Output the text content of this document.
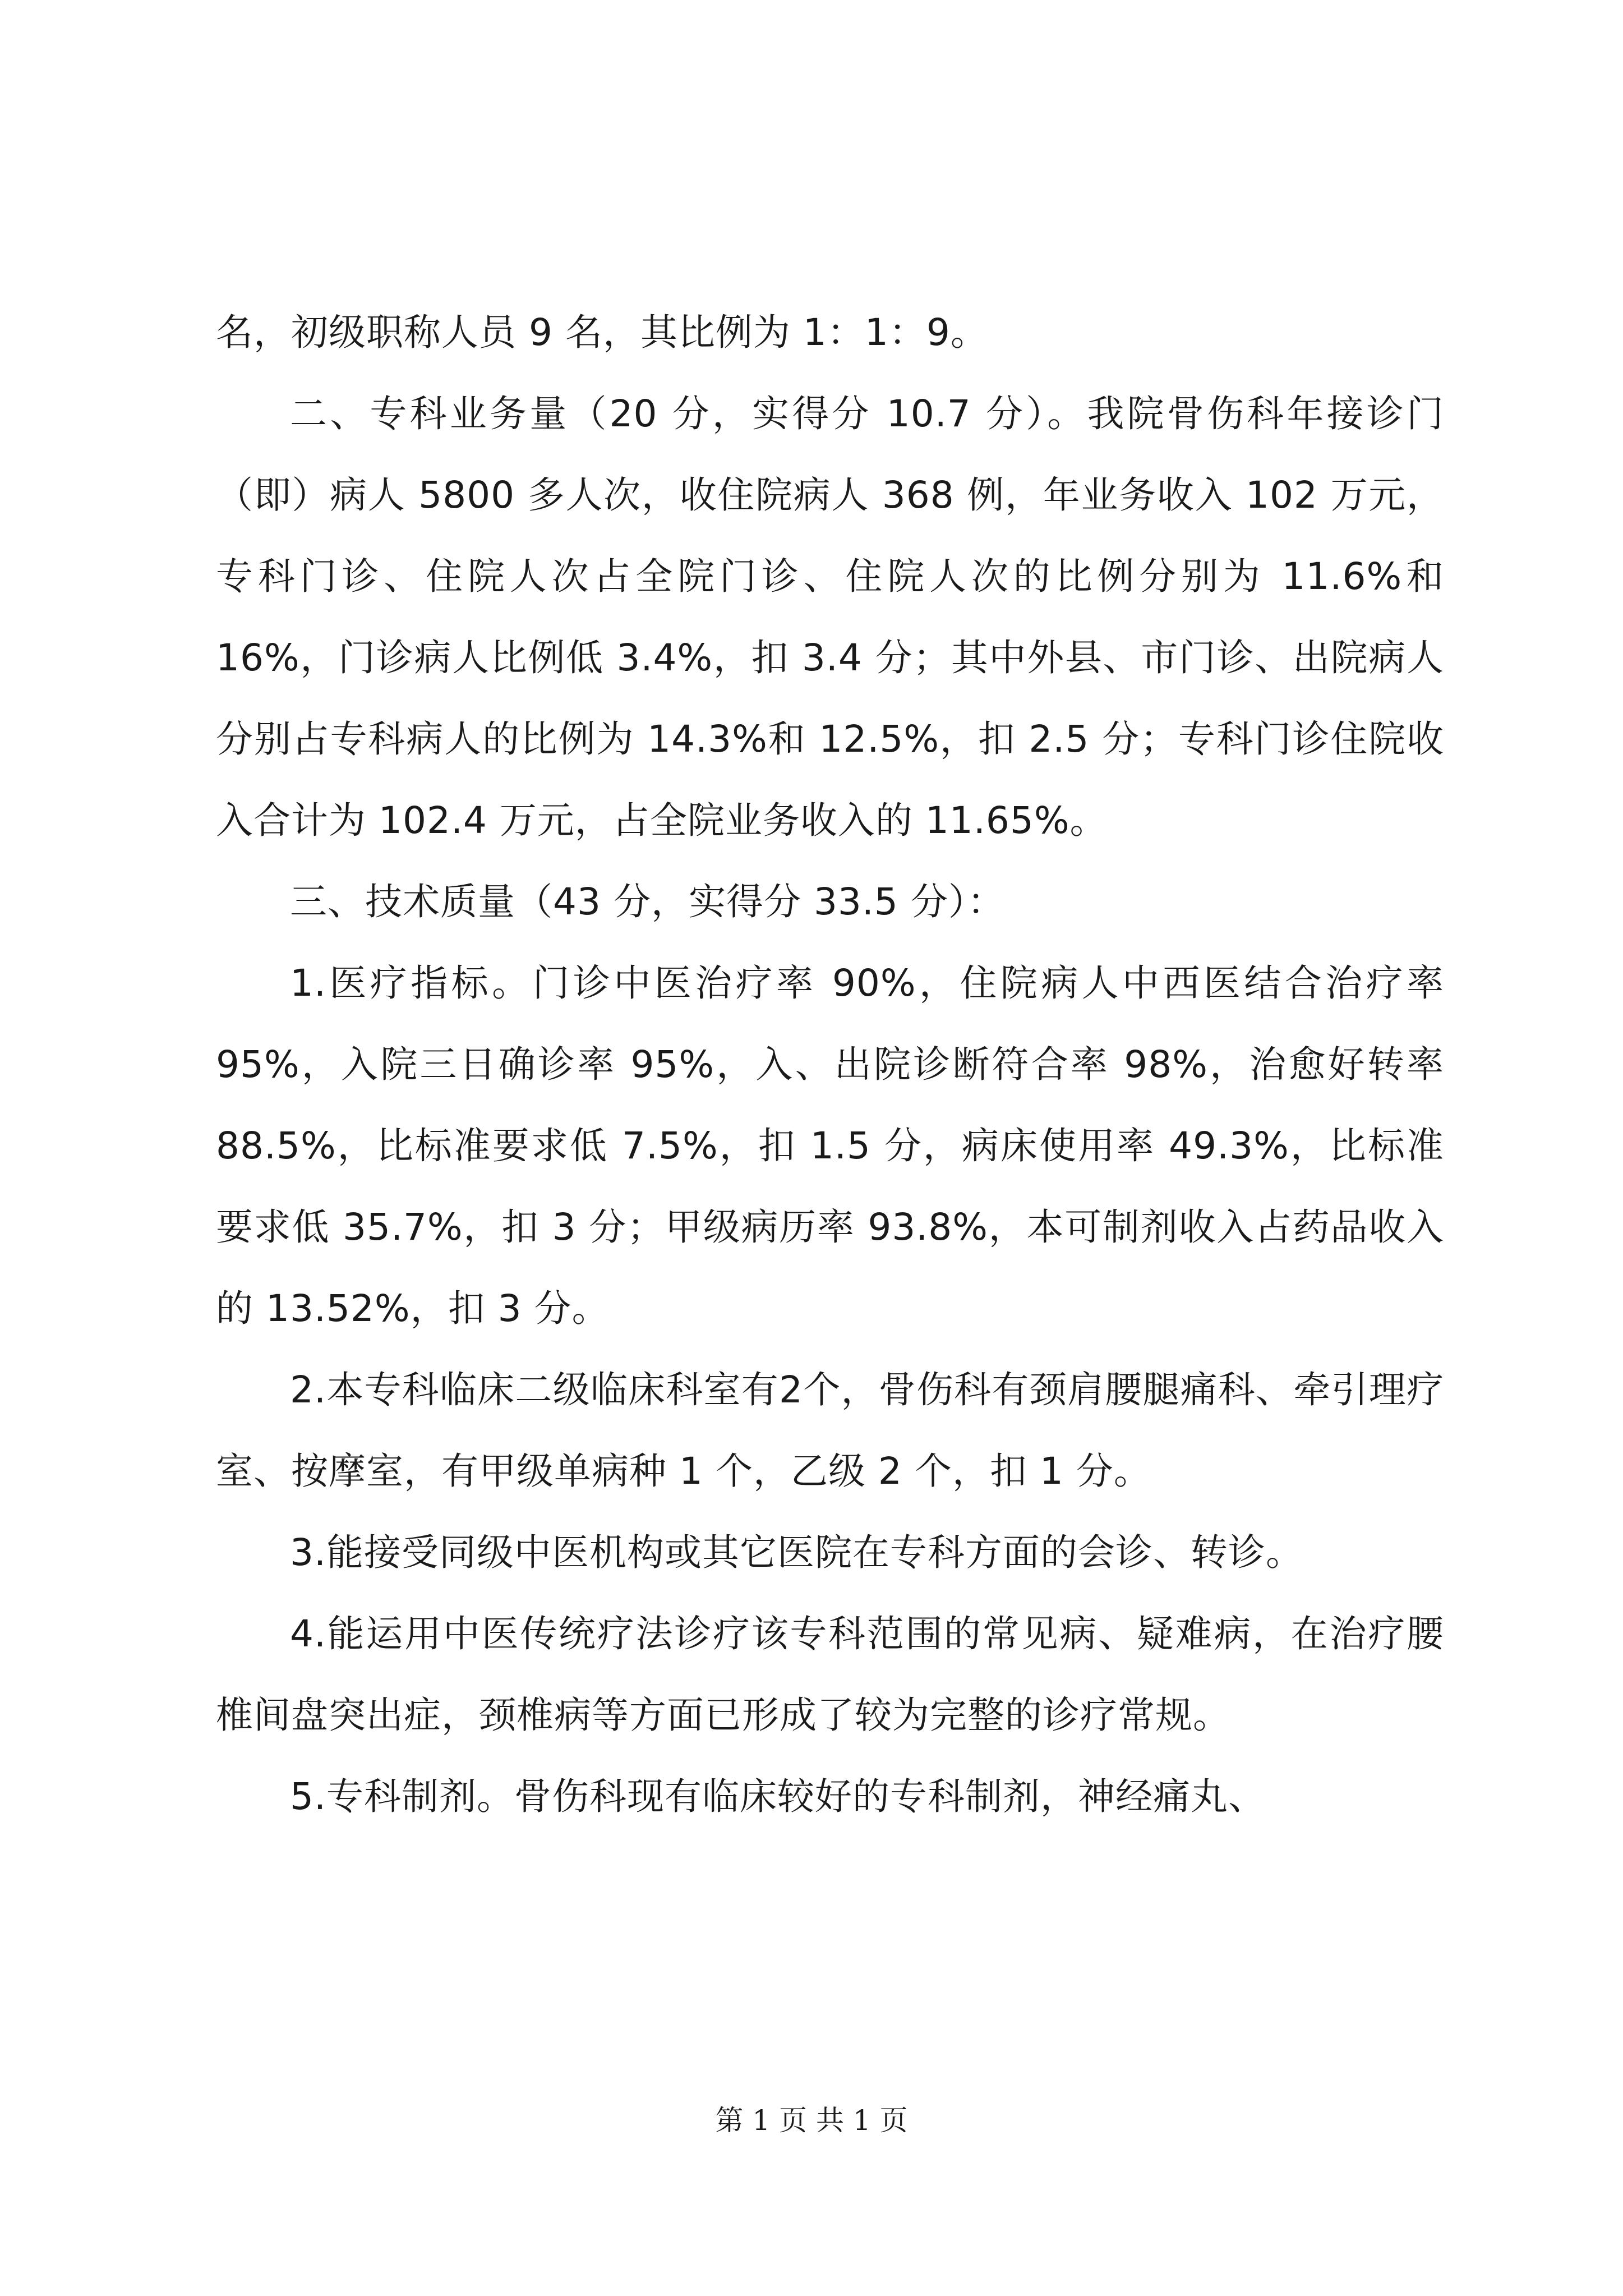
名，初级职称人员 9 名，其比例为 1：1：9。

二、专科业务量（20 分，实得分 10.7 分）。我院骨伤科年接诊门（即）病人 5800 多人次，收住院病人 368 例，年业务收入 102 万元，专科门诊、住院人次占全院门诊、住院人次的比例分别为 11.6%和 16%，门诊病人比例低 3.4%，扣 3.4 分；其中外县、市门诊、出院病人分别占专科病人的比例为 14.3%和 12.5%，扣 2.5 分；专科门诊住院收入合计为 102.4 万元，占全院业务收入的 11.65%。

三、技术质量（43 分，实得分 33.5 分）：

1.医疗指标。门诊中医治疗率 90%，住院病人中西医结合治疗率 95%，入院三日确诊率 95%，入、出院诊断符合率 98%，治愈好转率 88.5%，比标准要求低 7.5%，扣 1.5 分，病床使用率 49.3%，比标准要求低 35.7%，扣 3 分；甲级病历率 93.8%，本可制剂收入占药品收入的 13.52%，扣 3 分。

2.本专科临床二级临床科室有2个，骨伤科有颈肩腰腿痛科、牵引理疗室、按摩室，有甲级单病种 1 个，乙级 2 个，扣 1 分。

3.能接受同级中医机构或其它医院在专科方面的会诊、转诊。

4.能运用中医传统疗法诊疗该专科范围的常见病、疑难病，在治疗腰椎间盘突出症，颈椎病等方面已形成了较为完整的诊疗常规。

5.专科制剂。骨伤科现有临床较好的专科制剂，神经痛丸、

第 1 页 共 1 页
